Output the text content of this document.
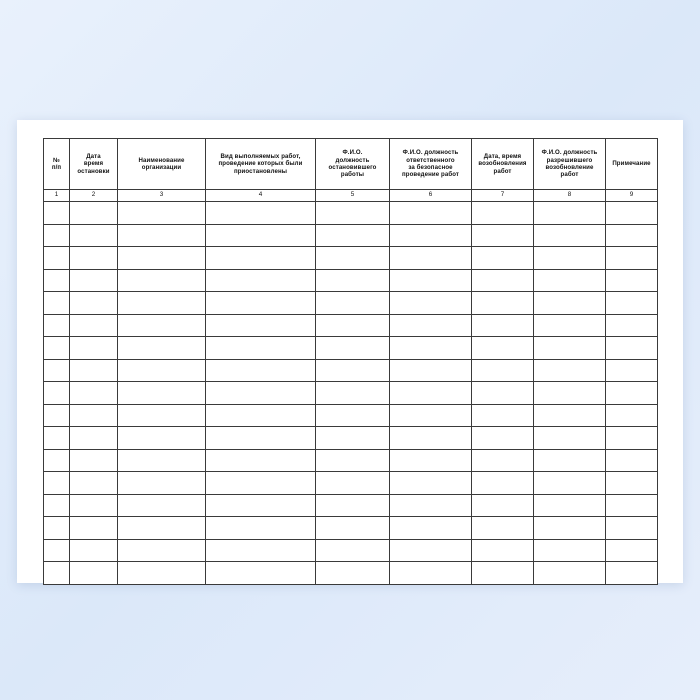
№
п/п	Дата
время
остановки	Наименование
организации	Вид выполняемых работ,
проведение которых были
приостановлены	Ф.И.О.
должность
остановившего
работы	Ф.И.О. должность
ответственного
за безопасное
проведение работ	Дата, время
возобновления
работ	Ф.И.О. должность
разрешившего
возобновление
работ	Примечание

1	2	3	4	5	6	7	8	9
